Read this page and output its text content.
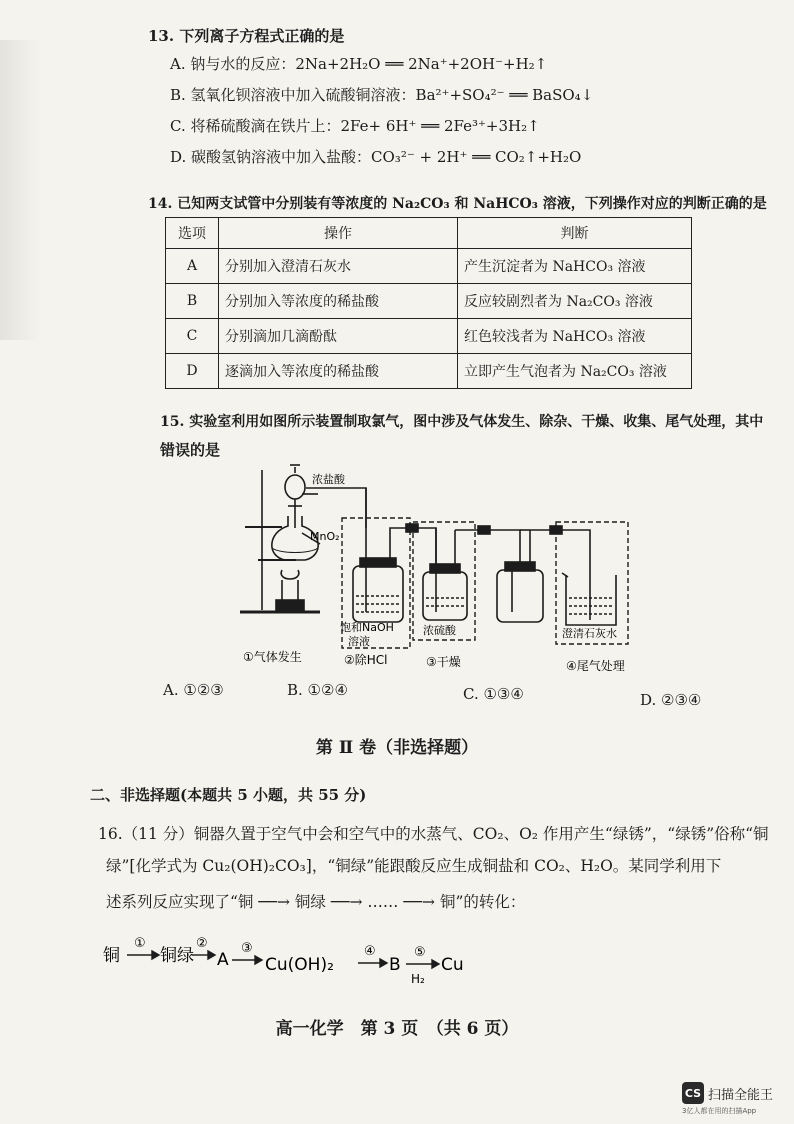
13. 下列离子方程式正确的是
A. 钠与水的反应：2Na+2H₂O ══ 2Na⁺+2OH⁻+H₂↑
B. 氢氧化钡溶液中加入硫酸铜溶液：Ba²⁺+SO₄²⁻ ══ BaSO₄↓
C. 将稀硫酸滴在铁片上：2Fe+ 6H⁺ ══ 2Fe³⁺+3H₂↑
D. 碳酸氢钠溶液中加入盐酸：CO₃²⁻ + 2H⁺ ══ CO₂↑+H₂O
14. 已知两支试管中分别装有等浓度的 Na₂CO₃ 和 NaHCO₃ 溶液，下列操作对应的判断正确的是
选项	操作	判断
A	分别加入澄清石灰水	产生沉淀者为 NaHCO₃ 溶液
B	分别加入等浓度的稀盐酸	反应较剧烈者为 Na₂CO₃ 溶液
C	分别滴加几滴酚酞	红色较浅者为 NaHCO₃ 溶液
D	逐滴加入等浓度的稀盐酸	立即产生气泡者为 Na₂CO₃ 溶液
15. 实验室利用如图所示装置制取氯气，图中涉及气体发生、除杂、干燥、收集、尾气处理，其中
错误的是
浓盐酸
MnO₂
饱和NaOH
溶液
浓硫酸	澄清石灰水
①气体发生	②除HCl	③干燥	④尾气处理
A. ①②③	B. ①②④	C. ①③④	D. ②③④
第 Ⅱ 卷（非选择题）
二、非选择题(本题共 5 小题，共 55 分)
16.（11 分）铜器久置于空气中会和空气中的水蒸气、CO₂、O₂ 作用产生“绿锈”，“绿锈”俗称“铜
绿”[化学式为 Cu₂(OH)₂CO₃]，“铜绿”能跟酸反应生成铜盐和 CO₂、H₂O。某同学利用下
述系列反应实现了“铜 ──→ 铜绿 ──→ …… ──→ 铜”的转化：
铜 铜绿 A Cu(OH)₂	B Cu
①	②	③	④	⑤
H₂
高一化学　第 3 页　（共 6 页）
CS 扫描全能王
3亿人都在用的扫描App
